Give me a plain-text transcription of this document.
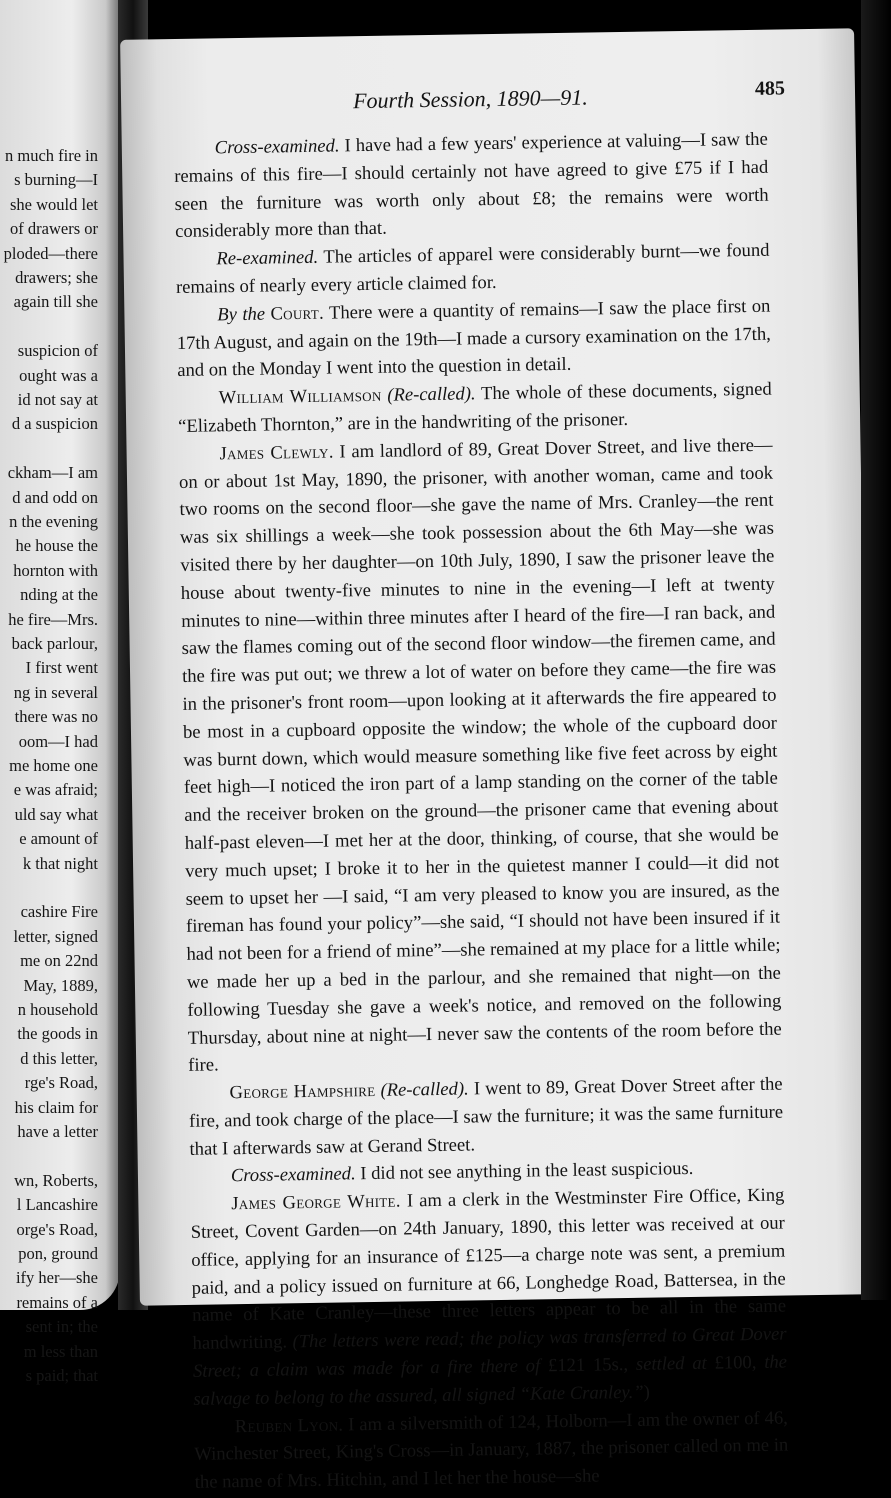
n much fire in
s burning—I
she would let
of drawers or
ploded—there
drawers; she
again till she
suspicion of
ought was a
id not say at
d a suspicion
ckham—I am
d and odd on
n the evening
he house the
hornton with
nding at the
he fire—Mrs.
back parlour,
I first went
ng in several
there was no
oom—I had
me home one
e was afraid;
uld say what
e amount of
k that night
cashire Fire
letter, signed
me on 22nd
May, 1889,
n household
the goods in
d this letter,
rge's Road,
his claim for
have a letter
wn, Roberts,
l Lancashire
orge's Road,
pon, ground
ify her—she
remains of a
sent in; the
m less than
s paid; that
Fourth Session, 1890—91.	485

Cross-examined. I have had a few years' experience at valuing—I saw the remains of this fire—I should certainly not have agreed to give £75 if I had seen the furniture was worth only about £8; the remains were worth considerably more than that.

Re-examined. The articles of apparel were considerably burnt—we found remains of nearly every article claimed for.

By the Court. There were a quantity of remains—I saw the place first on 17th August, and again on the 19th—I made a cursory examination on the 17th, and on the Monday I went into the question in detail.

William Williamson (Re-called). The whole of these documents, signed “Elizabeth Thornton,” are in the handwriting of the prisoner.

James Clewly. I am landlord of 89, Great Dover Street, and live there—on or about 1st May, 1890, the prisoner, with another woman, came and took two rooms on the second floor—she gave the name of Mrs. Cranley—the rent was six shillings a week—she took possession about the 6th May—she was visited there by her daughter—on 10th July, 1890, I saw the prisoner leave the house about twenty-five minutes to nine in the evening—I left at twenty minutes to nine—within three minutes after I heard of the fire—I ran back, and saw the flames coming out of the second floor window—the firemen came, and the fire was put out; we threw a lot of water on before they came—the fire was in the prisoner's front room—upon looking at it afterwards the fire appeared to be most in a cupboard opposite the window; the whole of the cupboard door was burnt down, which would measure something like five feet across by eight feet high—I noticed the iron part of a lamp standing on the corner of the table and the receiver broken on the ground—the prisoner came that evening about half-past eleven—I met her at the door, thinking, of course, that she would be very much upset; I broke it to her in the quietest manner I could—it did not seem to upset her —I said, “I am very pleased to know you are insured, as the fireman has found your policy”—she said, “I should not have been insured if it had not been for a friend of mine”—she remained at my place for a little while; we made her up a bed in the parlour, and she remained that night—on the following Tuesday she gave a week's notice, and removed on the following Thursday, about nine at night—I never saw the contents of the room before the fire.

George Hampshire (Re-called). I went to 89, Great Dover Street after the fire, and took charge of the place—I saw the furniture; it was the same furniture that I afterwards saw at Gerand Street.

Cross-examined. I did not see anything in the least suspicious.

James George White. I am a clerk in the Westminster Fire Office, King Street, Covent Garden—on 24th January, 1890, this letter was received at our office, applying for an insurance of £125—a charge note was sent, a premium paid, and a policy issued on furniture at 66, Longhedge Road, Battersea, in the name of Kate Cranley—these three letters appear to be all in the same handwriting. (The letters were read; the policy was transferred to Great Dover Street; a claim was made for a fire there of £121 15s., settled at £100, the salvage to belong to the assured, all signed “Kate Cranley.”)

Reuben Lyon. I am a silversmith of 124, Holborn—I am the owner of 46, Winchester Street, King's Cross—in January, 1887, the prisoner called on me in the name of Mrs. Hitchin, and I let her the house—she
